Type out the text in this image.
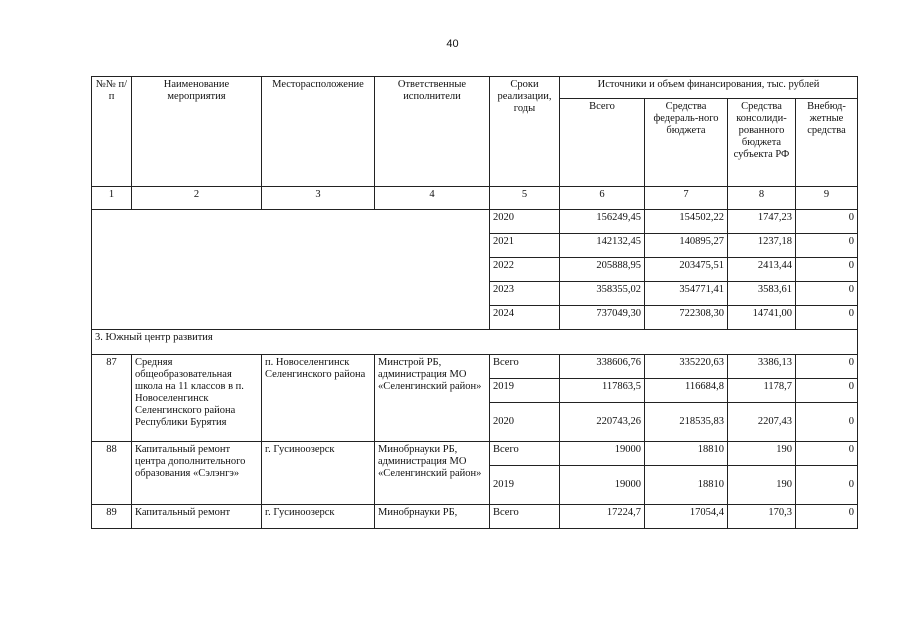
40
№№ п/п	Наименование мероприятия	Месторасположение	Ответственные исполнители	Сроки реализации, годы	Источники и объем финансирования, тыс. рублей			
					Всего	Средства федераль-ного бюджета	Средства консолиди-рованного бюджета субъекта РФ	Внебюд-жетные средства
1	2	3	4	5	6	7	8	9
				2020	156249,45	154502,22	1747,23	0
				2021	142132,45	140895,27	1237,18	0
				2022	205888,95	203475,51	2413,44	0
				2023	358355,02	354771,41	3583,61	0
				2024	737049,30	722308,30	14741,00	0
3. Южный центр развития								
87	Средняя общеобразовательная школа на 11 классов в п. Новоселенгинск Селенгинского района Республики Бурятия	п. Новоселенгинск Селенгинского района	Минстрой РБ, администрация МО «Селенгинский район»	Всего	338606,76	335220,63	3386,13	0
				2019	117863,5	116684,8	1178,7	0
				2020	220743,26	218535,83	2207,43	0
88	Капитальный ремонт центра дополнительного образования «Сэлэнгэ»	г. Гусиноозерск	Минобрнауки РБ, администрация МО «Селенгинский район»	Всего	19000	18810	190	0
				2019	19000	18810	190	0
89	Капитальный ремонт	г. Гусиноозерск	Минобрнауки РБ,	Всего	17224,7	17054,4	170,3	0
